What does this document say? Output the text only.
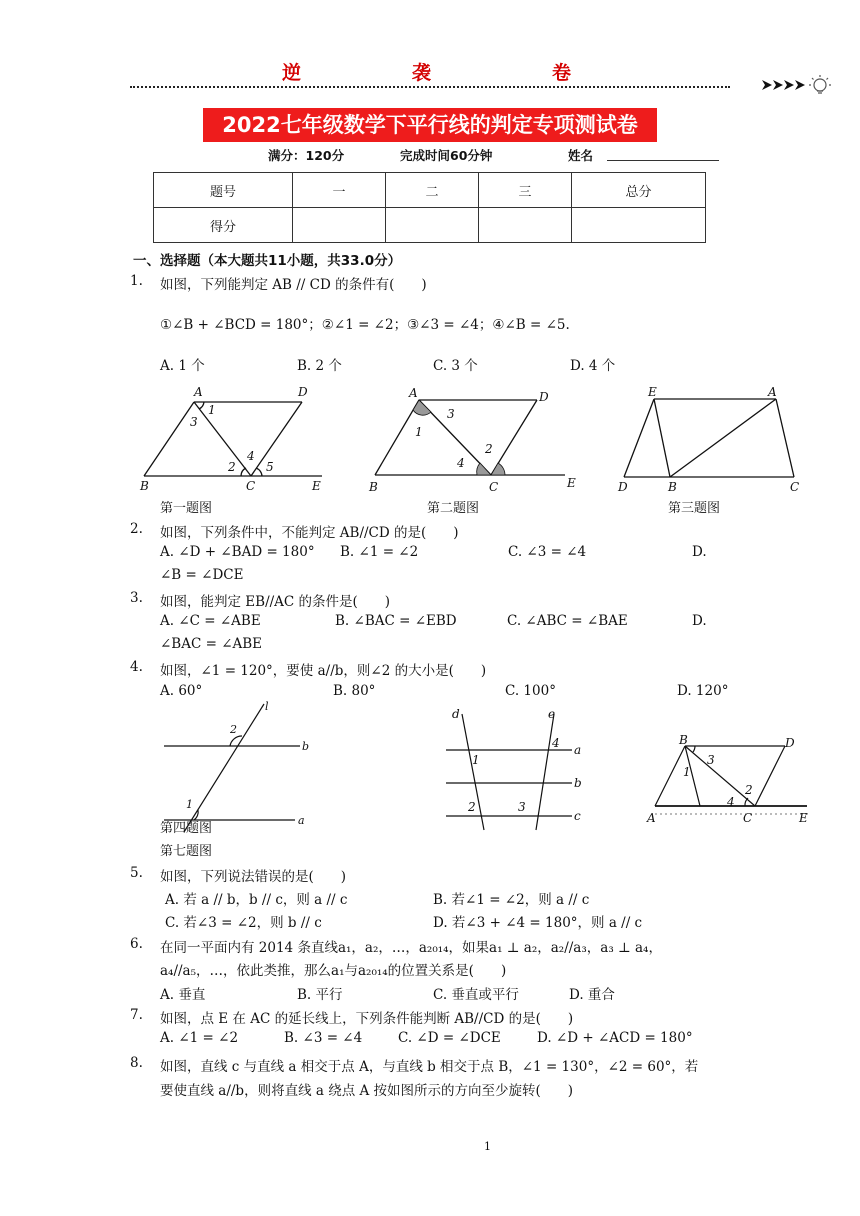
逆	袭	卷
2022七年级数学下平行线的判定专项测试卷
满分：120分	完成时间60分钟	姓名
题号	一	二	三	总分
得分				
一、选择题（本大题共11小题，共33.0分）
1. 如图，下列能判定 AB // CD 的条件有(　　)
①∠B + ∠BCD = 180°；②∠1 = ∠2；③∠3 = ∠4；④∠B = ∠5.
A. 1 个	B. 2 个	C. 3 个	D. 4 个
A	D
1
3
4
2	5
B	C	E
A	D
3
1
2
4
B	C	E
E	A
D	B	C
第一题图	第二题图	第三题图
2. 如图，下列条件中，不能判定 AB//CD 的是(　　)
A. ∠D + ∠BAD = 180° B. ∠1 = ∠2	C. ∠3 = ∠4	D.
∠B = ∠DCE
3. 如图，能判定 EB//AC 的条件是(　　)
A. ∠C = ∠ABE	B. ∠BAC = ∠EBD	C. ∠ABC = ∠BAE	D.
∠BAC = ∠ABE
4. 如图，∠1 = 120°，要使 a//b，则∠2 的大小是(　　)
A. 60°	B. 80°	C. 100°	D. 120°
l
2
b
1
a
d	e
a
b
c
1
4
2	3
B	D
1
3
2
4
A	C	E
第四题图
第七题图
5. 如图，下列说法错误的是(　　)
A. 若 a // b，b // c，则 a // c	B. 若∠1 = ∠2，则 a // c
C. 若∠3 = ∠2，则 b // c	D. 若∠3 + ∠4 = 180°，则 a // c
6. 在同一平面内有 2014 条直线a₁，a₂，…，a₂₀₁₄，如果a₁ ⊥ a₂，a₂//a₃，a₃ ⊥ a₄，
a₄//a₅，…，依此类推，那么a₁与a₂₀₁₄的位置关系是(　　)
A. 垂直	B. 平行	C. 垂直或平行	D. 重合
7. 如图，点 E 在 AC 的延长线上，下列条件能判断 AB//CD 的是(　　)
A. ∠1 = ∠2	B. ∠3 = ∠4	C. ∠D = ∠DCE	D. ∠D + ∠ACD = 180°
8. 如图，直线 c 与直线 a 相交于点 A，与直线 b 相交于点 B，∠1 = 130°，∠2 = 60°，若
要使直线 a//b，则将直线 a 绕点 A 按如图所示的方向至少旋转(　　)
1
